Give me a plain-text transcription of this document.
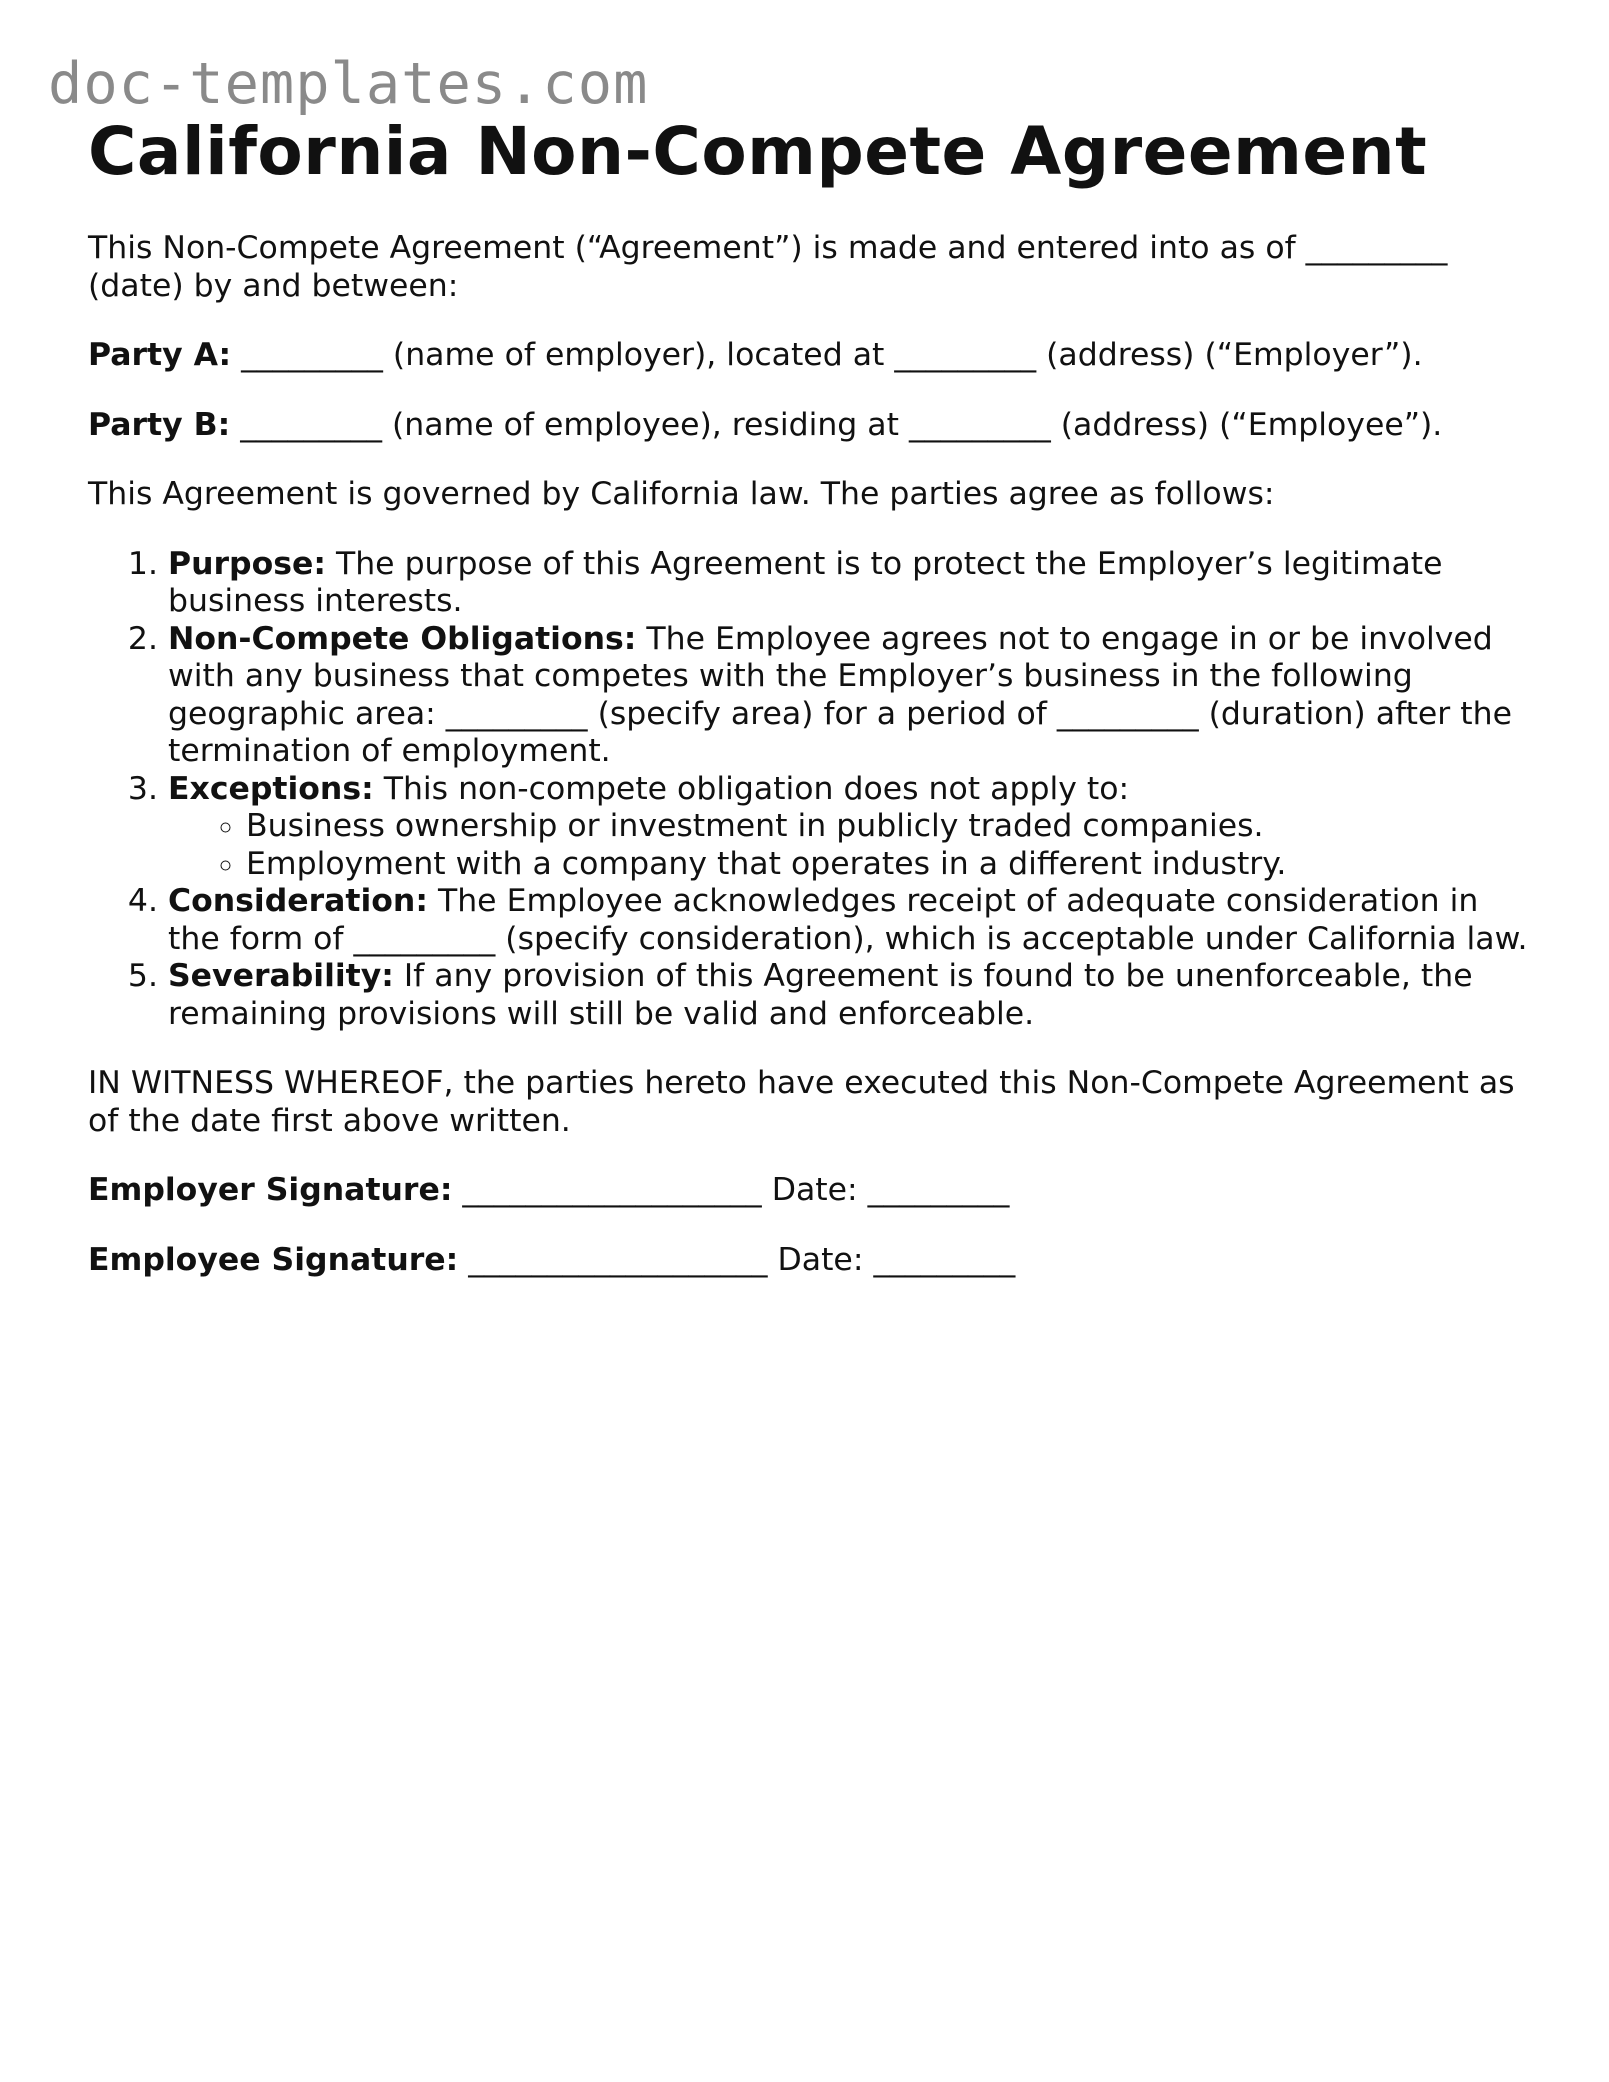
doc-templates.com
California Non-Compete Agreement

This Non-Compete Agreement (“Agreement”) is made and entered into as of _________ (date) by and between:

Party A: _________ (name of employer), located at _________ (address) (“Employer”).

Party B: _________ (name of employee), residing at _________ (address) (“Employee”).

This Agreement is governed by California law. The parties agree as follows:

1. Purpose: The purpose of this Agreement is to protect the Employer’s legitimate business interests.
2. Non-Compete Obligations: The Employee agrees not to engage in or be involved with any business that competes with the Employer’s business in the following geographic area: _________ (specify area) for a period of _________ (duration) after the termination of employment.
3. Exceptions: This non-compete obligation does not apply to:
◦ Business ownership or investment in publicly traded companies.
◦ Employment with a company that operates in a different industry.
4. Consideration: The Employee acknowledges receipt of adequate consideration in the form of _________ (specify consideration), which is acceptable under California law.
5. Severability: If any provision of this Agreement is found to be unenforceable, the remaining provisions will still be valid and enforceable.

IN WITNESS WHEREOF, the parties hereto have executed this Non-Compete Agreement as of the date first above written.

Employer Signature: ___________________ Date: _________

Employee Signature: ___________________ Date: _________
